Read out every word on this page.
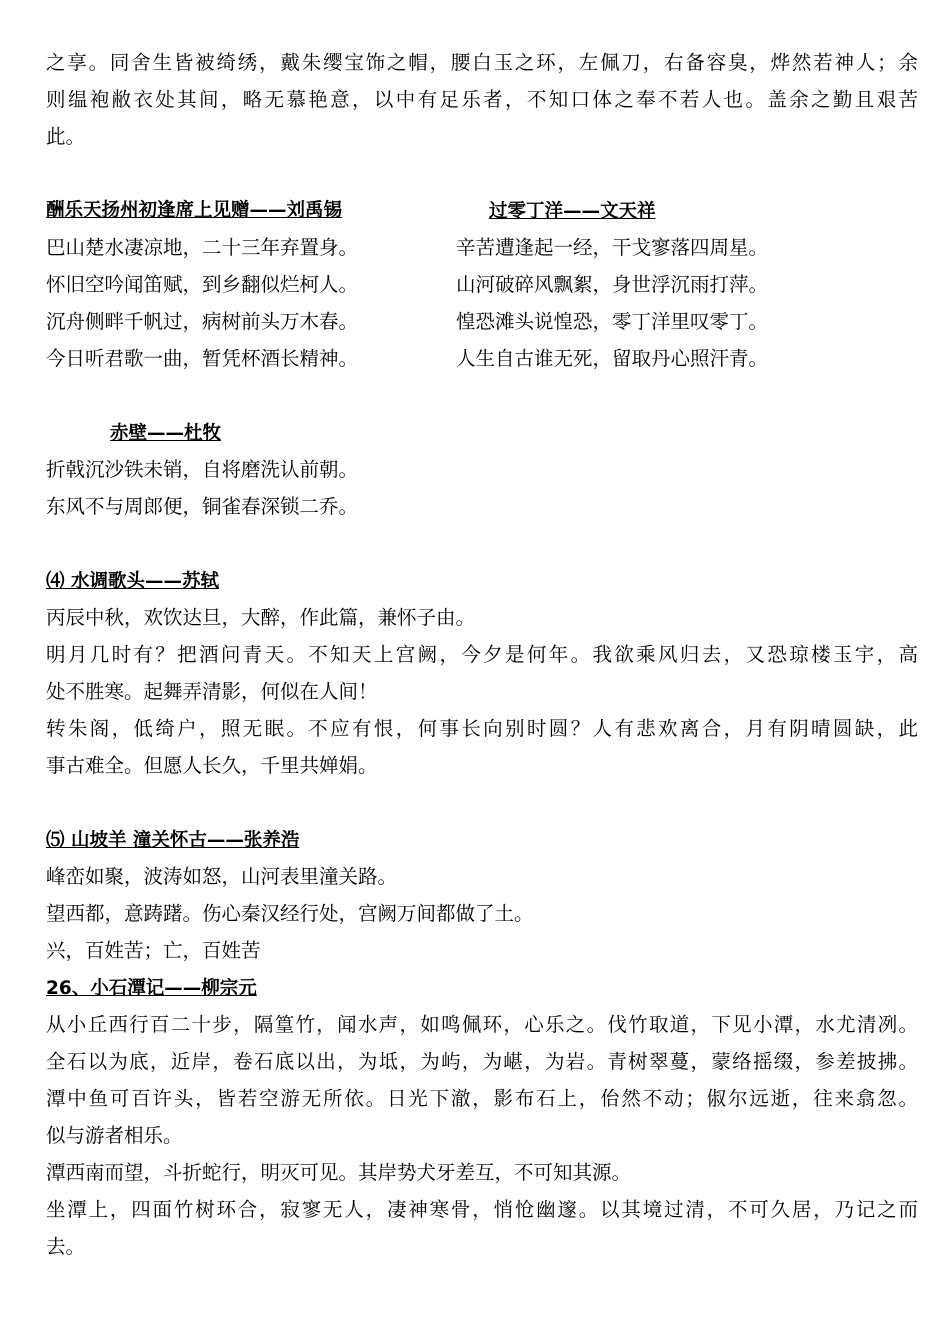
之享。同舍生皆被绮绣，戴朱缨宝饰之帽，腰白玉之环，左佩刀，右备容臭，烨然若神人；余
则缊袍敝衣处其间，略无慕艳意，以中有足乐者，不知口体之奉不若人也。盖余之勤且艰苦
此。
酬乐天扬州初逢席上见赠——刘禹锡
巴山楚水凄凉地，二十三年弃置身。
怀旧空吟闻笛赋，到乡翻似烂柯人。
沉舟侧畔千帆过，病树前头万木春。
今日听君歌一曲，暂凭杯酒长精神。
过零丁洋——文天祥
辛苦遭逢起一经，干戈寥落四周星。
山河破碎风飘絮，身世浮沉雨打萍。
惶恐滩头说惶恐，零丁洋里叹零丁。
人生自古谁无死，留取丹心照汗青。
赤壁——杜牧
折戟沉沙铁未销，自将磨洗认前朝。
东风不与周郎便，铜雀春深锁二乔。
⑷ 水调歌头——苏轼
丙辰中秋，欢饮达旦，大醉，作此篇，兼怀子由。
明月几时有？把酒问青天。不知天上宫阙，今夕是何年。我欲乘风归去，又恐琼楼玉宇，高
处不胜寒。起舞弄清影，何似在人间！
转朱阁，低绮户，照无眠。不应有恨，何事长向别时圆？人有悲欢离合，月有阴晴圆缺，此
事古难全。但愿人长久，千里共婵娟。
⑸ 山坡羊 潼关怀古——张养浩
峰峦如聚，波涛如怒，山河表里潼关路。
望西都，意踌躇。伤心秦汉经行处，宫阙万间都做了土。
兴，百姓苦；亡，百姓苦
26、小石潭记——柳宗元
从小丘西行百二十步，隔篁竹，闻水声，如鸣佩环，心乐之。伐竹取道，下见小潭，水尤清冽。
全石以为底，近岸，卷石底以出，为坻，为屿，为嵁，为岩。青树翠蔓，蒙络摇缀，参差披拂。
潭中鱼可百许头，皆若空游无所依。日光下澈，影布石上，佁然不动；俶尔远逝，往来翕忽。
似与游者相乐。
潭西南而望，斗折蛇行，明灭可见。其岸势犬牙差互，不可知其源。
坐潭上，四面竹树环合，寂寥无人，凄神寒骨，悄怆幽邃。以其境过清，不可久居，乃记之而
去。
